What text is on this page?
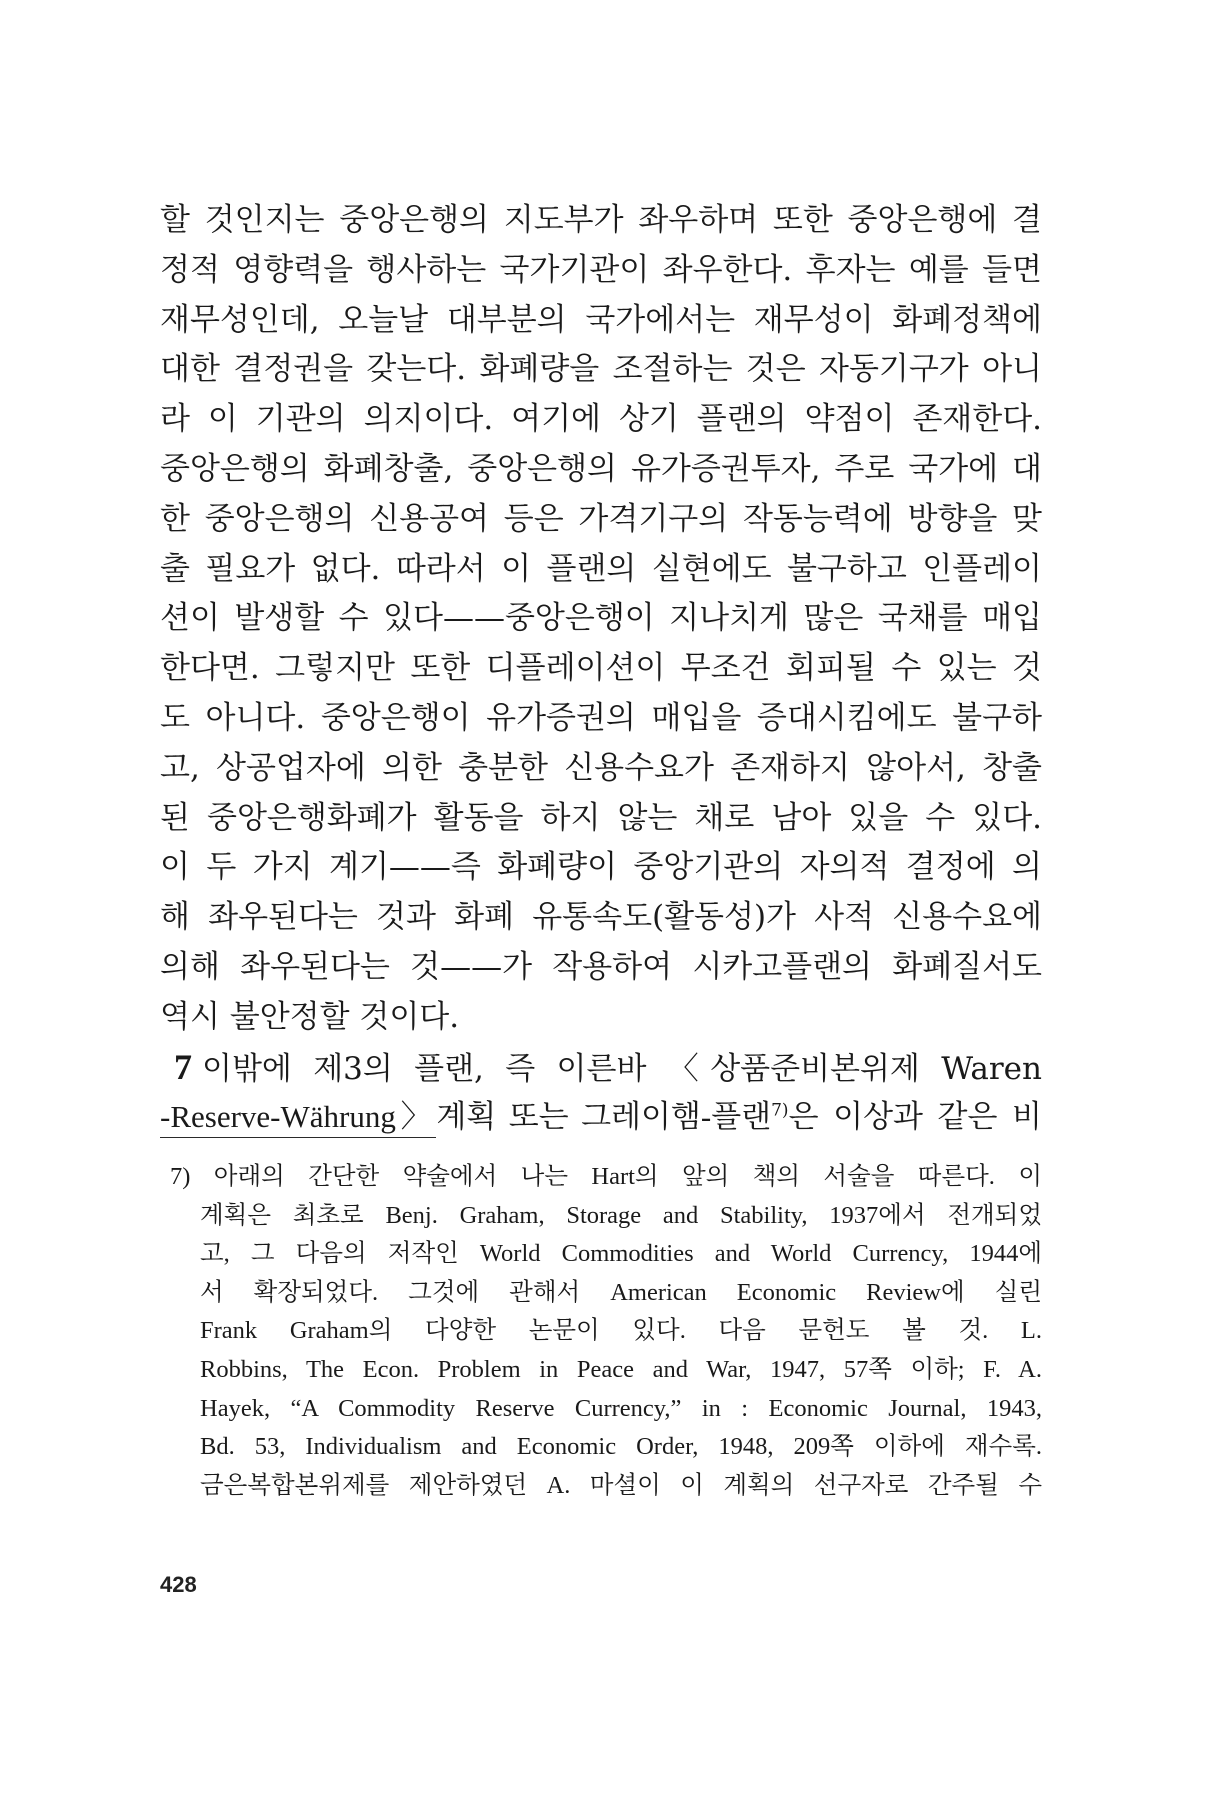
할 것인지는 중앙은행의 지도부가 좌우하며 또한 중앙은행에 결
정적 영향력을 행사하는 국가기관이 좌우한다. 후자는 예를 들면
재무성인데, 오늘날 대부분의 국가에서는 재무성이 화폐정책에
대한 결정권을 갖는다. 화폐량을 조절하는 것은 자동기구가 아니
라 이 기관의 의지이다. 여기에 상기 플랜의 약점이 존재한다.
중앙은행의 화폐창출, 중앙은행의 유가증권투자, 주로 국가에 대
한 중앙은행의 신용공여 등은 가격기구의 작동능력에 방향을 맞
출 필요가 없다. 따라서 이 플랜의 실현에도 불구하고 인플레이
션이 발생할 수 있다——중앙은행이 지나치게 많은 국채를 매입
한다면. 그렇지만 또한 디플레이션이 무조건 회피될 수 있는 것
도 아니다. 중앙은행이 유가증권의 매입을 증대시킴에도 불구하
고, 상공업자에 의한 충분한 신용수요가 존재하지 않아서, 창출
된 중앙은행화폐가 활동을 하지 않는 채로 남아 있을 수 있다.
이 두 가지 계기——즉 화폐량이 중앙기관의 자의적 결정에 의
해 좌우된다는 것과 화폐 유통속도(활동성)가 사적 신용수요에
의해 좌우된다는 것——가 작용하여 시카고플랜의 화폐질서도
역시 불안정할 것이다.
7 이밖에 제3의 플랜, 즉 이른바 〈상품준비본위제 Waren
-Reserve-Währung〉계획 또는 그레이햄-플랜$^{7)}$은 이상과 같은 비
7) 아래의 간단한 약술에서 나는 Hart의 앞의 책의 서술을 따른다. 이
계획은 최초로 Benj. Graham, Storage and Stability, 1937에서 전개되었
고, 그 다음의 저작인 World Commodities and World Currency, 1944에
서 확장되었다. 그것에 관해서 American Economic Review에 실린
Frank Graham의 다양한 논문이 있다. 다음 문헌도 볼 것. L.
Robbins, The Econ. Problem in Peace and War, 1947, 57쪽 이하; F. A.
Hayek, “A Commodity Reserve Currency,” in : Economic Journal, 1943,
Bd. 53, Individualism and Economic Order, 1948, 209쪽 이하에 재수록.
금은복합본위제를 제안하였던 A. 마셜이 이 계획의 선구자로 간주될 수
428
